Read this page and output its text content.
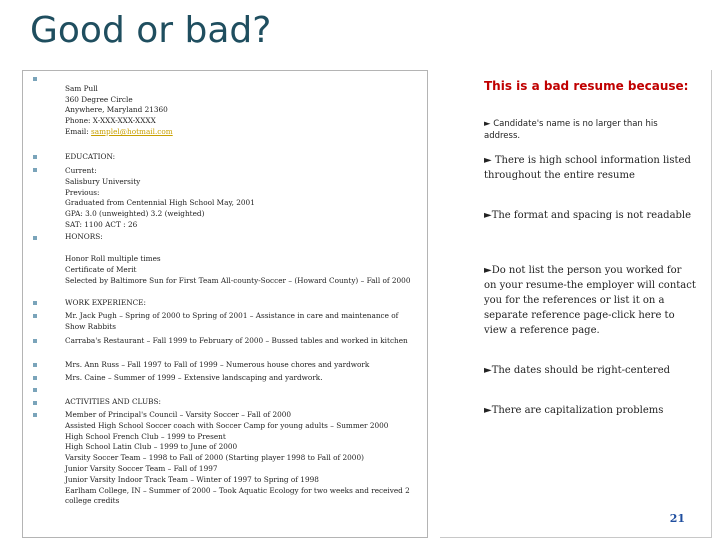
Good or bad?

Sam Pull
360 Degree Circle
Anywhere, Maryland 21360
Phone: X-XXX-XXX-XXXX
Email: samplel@hotmail.com

EDUCATION:
Current:
Salisbury University
Previous:
Graduated from Centennial High School May, 2001
GPA: 3.0 (unweighted) 3.2 (weighted)
SAT: 1100 ACT : 26
HONORS:
Honor Roll multiple times
Certificate of Merit
Selected by Baltimore Sun for First Team All-county-Soccer – (Howard County) – Fall of 2000
WORK EXPERIENCE:
Mr. Jack Pugh – Spring of 2000 to Spring of 2001 – Assistance in care and maintenance of Show Rabbits
Carraba's Restaurant – Fall 1999 to February of 2000 – Bussed tables and worked in kitchen
Mrs. Ann Russ – Fall 1997 to Fall of 1999 – Numerous house chores and yardwork
Mrs. Caine – Summer of 1999 – Extensive landscaping and yardwork.
ACTIVITIES AND CLUBS:
Member of Principal's Council – Varsity Soccer – Fall of 2000
Assisted High School Soccer coach with Soccer Camp for young adults – Summer 2000
High School French Club – 1999 to Present
High School Latin Club – 1999 to June of 2000
Varsity Soccer Team – 1998 to Fall of 2000 (Starting player 1998 to Fall of 2000)
Junior Varsity Soccer Team – Fall of 1997
Junior Varsity Indoor Track Team – Winter of 1997 to Spring of 1998
Earlham College, IN – Summer of 2000 – Took Aquatic Ecology for two weeks and received 2 college credits
This is a bad resume because:
► Candidate's name is no larger than his address.
► There is high school information listed throughout the entire resume
►The format and spacing is not readable
►Do not list the person you worked for on your resume-the employer will contact you for the references or list it on a separate reference page-click here to view a reference page.
►The dates should be right-centered
►There are capitalization problems
21
